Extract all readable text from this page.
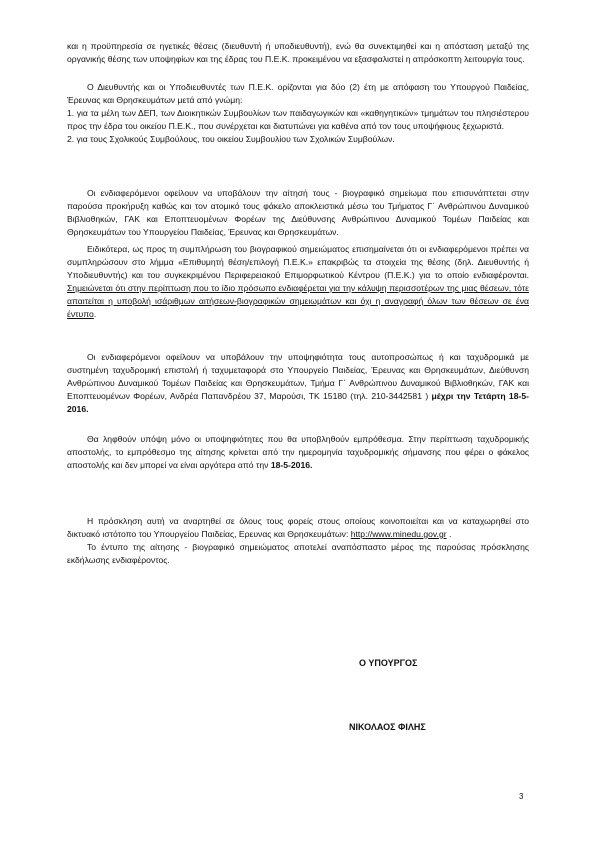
και η προϋπηρεσία σε ηγετικές θέσεις (διευθυντή ή υποδιευθυντή), ενώ θα συνεκτιμηθεί και η απόσταση μεταξύ της οργανικής θέσης των υποψηφίων και της έδρας του Π.Ε.Κ. προκειμένου να εξασφαλιστεί η απρόσκοπτη λειτουργία τους.

Ο Διευθυντής και οι Υποδιευθυντές των Π.Ε.Κ. ορίζονται για δύο (2) έτη με απόφαση του Υπουργού Παιδείας, Έρευνας και Θρησκευμάτων μετά από γνώμη:

1. για τα μέλη των ΔΕΠ, των Διοικητικών Συμβουλίων των παιδαγωγικών και «καθηγητικών» τμημάτων του πλησιέστερου προς την έδρα του οικείου Π.Ε.Κ., που συνέρχεται και διατυπώνει για καθένα από τον τους υποψήφιους ξεχωριστά.

2. για τους Σχολικούς Συμβούλους, του οικείου Συμβουλίου των Σχολικών Συμβούλων.

Οι ενδιαφερόμενοι οφείλουν να υποβάλουν την αίτησή τους - βιογραφικό σημείωμα που επισυνάπτεται στην παρούσα προκήρυξη καθώς και τον ατομικό τους φάκελο αποκλειστικά μέσω του Τμήματος Γ΄ Ανθρώπινου Δυναμικού Βιβλιοθηκών, ΓΑΚ και Εποπτευομένων Φορέων της Διεύθυνσης Ανθρώπινου Δυναμικού Τομέων Παιδείας και Θρησκευμάτων του Υπουργείου Παιδείας, Έρευνας και Θρησκευμάτων.

Ειδικότερα, ως προς τη συμπλήρωση του βιογραφικού σημειώματος επισημαίνεται ότι οι ενδιαφερόμενοι πρέπει να συμπληρώσουν στο λήμμα «Επιθυμητή θέση/επιλογή Π.Ε.Κ.» επακριβώς τα στοιχεία της θέσης (δηλ. Διευθυντής ή Υποδιευθυντής) και του συγκεκριμένου Περιφερειακού Επιμορφωτικού Κέντρου (Π.Ε.Κ.) για το οποίο ενδιαφέρονται. Σημειώνεται ότι στην περίπτωση που το ίδιο πρόσωπο ενδιαφέρεται για την κάλυψη περισσοτέρων της μιας θέσεων, τότε απαιτείται η υποβολή ισάριθμων αιτήσεων-βιογραφικών σημειωμάτων και όχι η αναγραφή όλων των θέσεων σε ένα έντυπο.

Οι ενδιαφερόμενοι οφείλουν να υποβάλουν την υποψηφιότητα τους αυτοπροσώπως ή και ταχυδρομικά με συστημένη ταχυδρομική επιστολή ή ταχυμεταφορά στο Υπουργείο Παιδείας, Έρευνας και Θρησκευμάτων, Διεύθυνση Ανθρώπινου Δυναμικού Τομέων Παιδείας και Θρησκευμάτων, Τμήμα Γ΄ Ανθρώπινου Δυναμικού Βιβλιοθηκών, ΓΑΚ και Εποπτευομένων Φορέων, Ανδρέα Παπανδρέου 37, Μαρούσι, ΤΚ 15180 (τηλ. 210-3442581 ) μέχρι την Τετάρτη 18-5-2016.

Θα ληφθούν υπόψη μόνο οι υποψηφιότητες που θα υποβληθούν εμπρόθεσμα. Στην περίπτωση ταχυδρομικής αποστολής, το εμπρόθεσμο της αίτησης κρίνεται από την ημερομηνία ταχυδρομικής σήμανσης που φέρει ο φάκελος αποστολής και δεν μπορεί να είναι αργότερα από την 18-5-2016.

Η πρόσκληση αυτή να αναρτηθεί σε όλους τους φορείς στους οποίους κοινοποιείται και να καταχωρηθεί στο δικτυακό ιστότοπο του Υπουργείου Παιδείας, Ερευνας και Θρησκευμάτων: http://www.minedu.gov.gr .

Το έντυπο της αίτησης - βιογραφικό σημειώματος αποτελεί αναπόσπαστο μέρος της παρούσας πρόσκλησης εκδήλωσης ενδιαφέροντος.

Ο ΥΠΟΥΡΓΟΣ
ΝΙΚΟΛΑΟΣ ΦΙΛΗΣ
3
